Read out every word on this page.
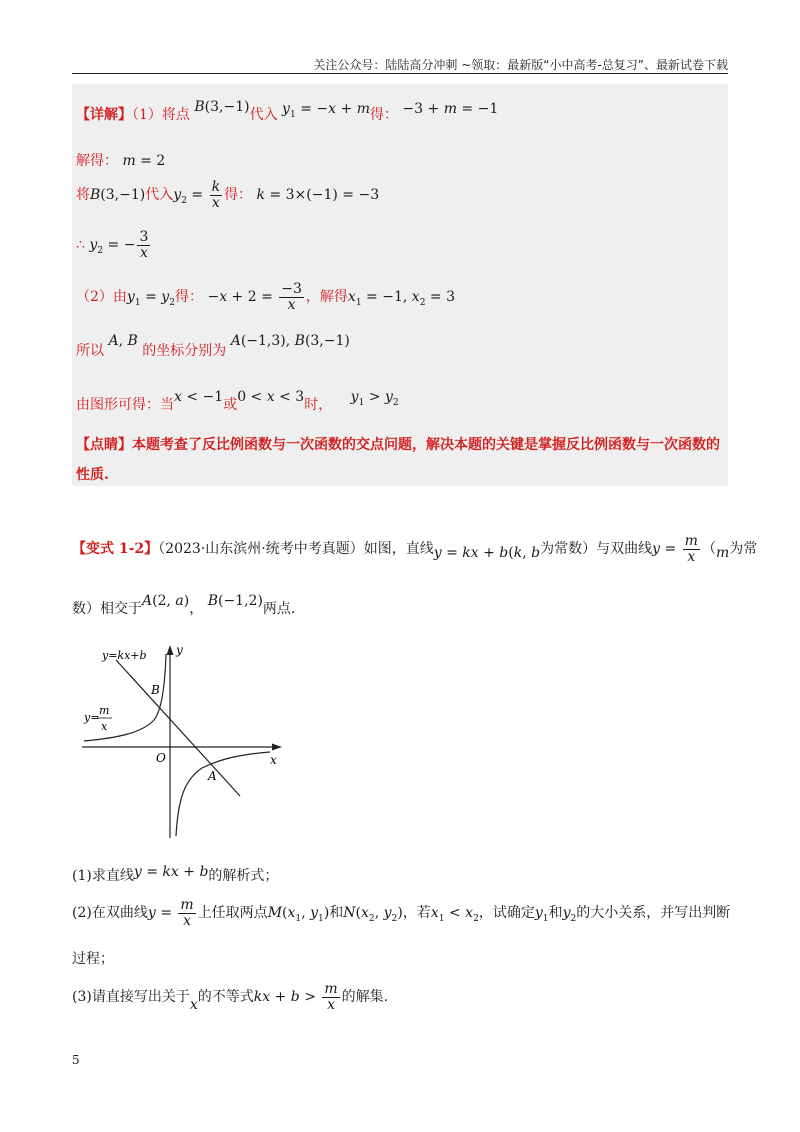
关注公众号：陆陆高分冲刺 ~领取：最新版“小中高考-总复习”、最新试卷下载
【详解】（1）将点 B(3,−1)代入 $y_1 = -x + m$得： −3 + m = −1
解得： m = 2
将B(3,−1)代入$y_2 = \frac{k}{x}$ 得： k = 3×(−1) = −3
∴ $y_2$ = − $\frac{3}{x}$
（2）由$y_1 = y_2$得： $-x + 2 = \frac{-3}{x}$ ，解得$x_1 = -1$, $x_2 = 3$
所以 A, B 的坐标分别为 A(−1,3), B(3,−1)
由图形可得：当x < −1或0 < x < 3时， $y_1 > y_2$
【点睛】本题考查了反比例函数与一次函数的交点问题，解决本题的关键是掌握反比例函数与一次函数的
性质.
【变式 1-2】（2023·山东滨州·统考中考真题）如图，直线y = kx + b(k, b为常数）与双曲线$y = \frac{m}{x} (m$为常
数）相交于A(2, a)， B(−1,2)两点.
y=kx+b
y=
m
x
B
A
O	x
y
(1)求直线y = kx + b的解析式；
(2)在双曲线$y = \frac{m}{x}$ 上任取两点$M(x_1$, $y_1$)和$N(x_2$, $y_2$)，若$x_1 < x_2$，试确定$y_1$和$y_2$的大小关系，并写出判断
过程；
(3)请直接写出关于x的不等式kx + $b > \frac{m}{x}$ 的解集.
5
